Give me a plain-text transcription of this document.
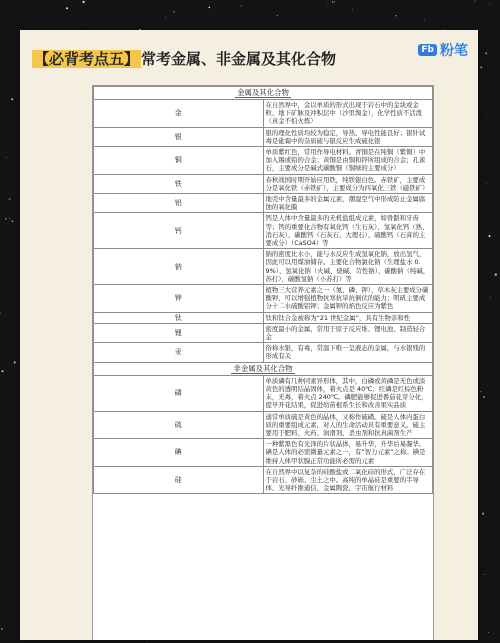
Fb 粉笔
【必背考点五】 常考金属、非金属及其化合物
金属及其化合物	
金	在自然界中，金以单质的形式出现于岩石中的金块或金粒、地下矿脉及冲积层中（沙里淘金），化学性质不活泼（真金不怕火炼）
银	银的理化性质均较为稳定，导热、导电性能良好；银针试毒是砒霜中的杂质硫与银反应生成硫化银
铜	单质紫红色，常用作导电材料。青铜是在纯铜（紫铜）中加入锡或铅的合金；黄铜是由铜和锌所组成的合金；孔雀石，主要成分是碱式碳酸铜（铜绿的主要成分）
铁	春秋战国时期开始应用铁，纯铁银白色。赤铁矿，主要成分是氧化铁（赤铁矿），主要成分为四氧化三铁（磁铁矿）
铝	地壳中含量最多的金属元素，潮湿空气中形成防止金属腐蚀的氧化膜
钙	钙是人体中含量最多的无机盐组成元素，如骨骼和牙齿等；钙的重要化合物有氧化钙（生石灰）、氢氧化钙（熟、消石灰）、碳酸钙（石灰石、大理石）、硫酸钙（石膏的主要成分）（CaSO4）等
钠	钠的密度比水小，能与水反应生成氢氧化钠，放出氢气，因此可以用煤油储存。主要化合物氯化钠（生理盐水 0.9%）、氢氧化钠（火碱、烧碱、苛性钠）、碳酸钠（纯碱、苏打）、碳酸氢钠（小苏打）等
钾	植物三大营养元素之一（氮、磷、钾），草木灰主要成分碳酸钾，可以增强植物抗寒抗旱抗倒伏的能力；明矾主要成分十二水硫酸铝钾；金属钾的焰色反应为紫色
钛	钛和钛合金被称为“21 世纪金属”，具有生物亲和性
锂	密度最小的金属，常用于原子反应堆、锂电池、制造轻合金
汞	俗称水银，有毒，常温下唯一呈液态的金属，与水银残的形成有关
非金属及其化合物	
磷	单质磷有几种同素异形体，其中，白磷或黄磷是无色或淡黄色的透明结晶固体，着火点是 40℃；红磷是红棕色粉末，无毒，着火点 240℃。磷肥能够促进番茄花芽分化，提早开花结果，促进幼苗根系生长和改善果实品质
硫	通常单质硫是黄色的晶体，又称作硫磺。硫是人体内蛋白质的重要组成元素，对人的生命活动具有重要意义。硫主要用于肥料、火药、润滑剂、杀虫剂和抗真菌剂生产
碘	一种紫黑色有光泽的片状晶体，易升华，升华后易凝华。碘是人体的必需微量元素之一，有“智力元素”之称。碘是维持人体甲状腺正常功能所必需的元素
硅	在自然界中以复杂的硅酸盐或二氧化硅的形式，广泛存在于岩石、砂砾、尘土之中。高纯的单晶硅是重要的半导体、光导纤维通信、金属陶瓷、宇宙航行材料
